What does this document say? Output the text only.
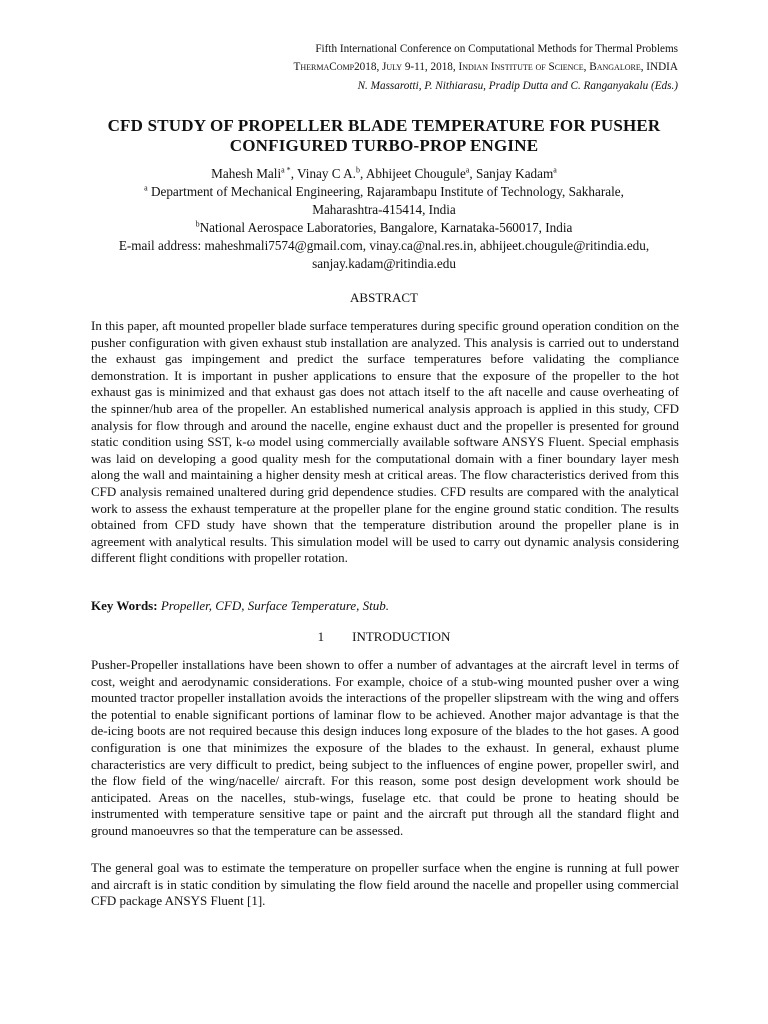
Fifth International Conference on Computational Methods for Thermal Problems
ThermaComp2018, July 9-11, 2018, Indian Institute of Science, Bangalore, INDIA
N. Massarotti, P. Nithiarasu, Pradip Dutta and C. Ranganyakalu (Eds.)
CFD STUDY OF PROPELLER BLADE TEMPERATURE FOR PUSHER
CONFIGURED TURBO-PROP ENGINE
Mahesh Mali$^{a *}$, Vinay C A.$^b$, Abhijeet Chougule$^a$, Sanjay Kadam$^a$
$^a$ Department of Mechanical Engineering, Rajarambapu Institute of Technology, Sakharale,
Maharashtra-415414, India
$^b$National Aerospace Laboratories, Bangalore, Karnataka-560017, India
E-mail address: maheshmali7574@gmail.com, vinay.ca@nal.res.in, abhijeet.chougule@ritindia.edu,
sanjay.kadam@ritindia.edu
ABSTRACT
In this paper, aft mounted propeller blade surface temperatures during specific ground operation condition on the pusher configuration with given exhaust stub installation are analyzed. This analysis is carried out to understand the exhaust gas impingement and predict the surface temperatures before validating the compliance demonstration. It is important in pusher applications to ensure that the exposure of the propeller to the hot exhaust gas is minimized and that exhaust gas does not attach itself to the aft nacelle and cause overheating of the spinner/hub area of the propeller. An established numerical analysis approach is applied in this study, CFD analysis for flow through and around the nacelle, engine exhaust duct and the propeller is presented for ground static condition using SST, k-ω model using commercially available software ANSYS Fluent. Special emphasis was laid on developing a good quality mesh for the computational domain with a finer boundary layer mesh along the wall and maintaining a higher density mesh at critical areas. The flow characteristics derived from this CFD analysis remained unaltered during grid dependence studies. CFD results are compared with the analytical work to assess the exhaust temperature at the propeller plane for the engine ground static condition. The results obtained from CFD study have shown that the temperature distribution around the propeller plane is in agreement with analytical results. This simulation model will be used to carry out dynamic analysis considering different flight conditions with propeller rotation.
Key Words: Propeller, CFD, Surface Temperature, Stub.
1 INTRODUCTION
Pusher-Propeller installations have been shown to offer a number of advantages at the aircraft level in terms of cost, weight and aerodynamic considerations. For example, choice of a stub-wing mounted pusher over a wing mounted tractor propeller installation avoids the interactions of the propeller slipstream with the wing and offers the potential to enable significant portions of laminar flow to be achieved. Another major advantage is that the de-icing boots are not required because this design induces long exposure of the blades to the hot gases. A good configuration is one that minimizes the exposure of the blades to the exhaust. In general, exhaust plume characteristics are very difficult to predict, being subject to the influences of engine power, propeller swirl, and the flow field of the wing/nacelle/ aircraft. For this reason, some post design development work should be anticipated. Areas on the nacelles, stub-wings, fuselage etc. that could be prone to heating should be instrumented with temperature sensitive tape or paint and the aircraft put through all the standard flight and ground manoeuvres so that the temperature can be assessed.
The general goal was to estimate the temperature on propeller surface when the engine is running at full power and aircraft is in static condition by simulating the flow field around the nacelle and propeller using commercial CFD package ANSYS Fluent [1].
